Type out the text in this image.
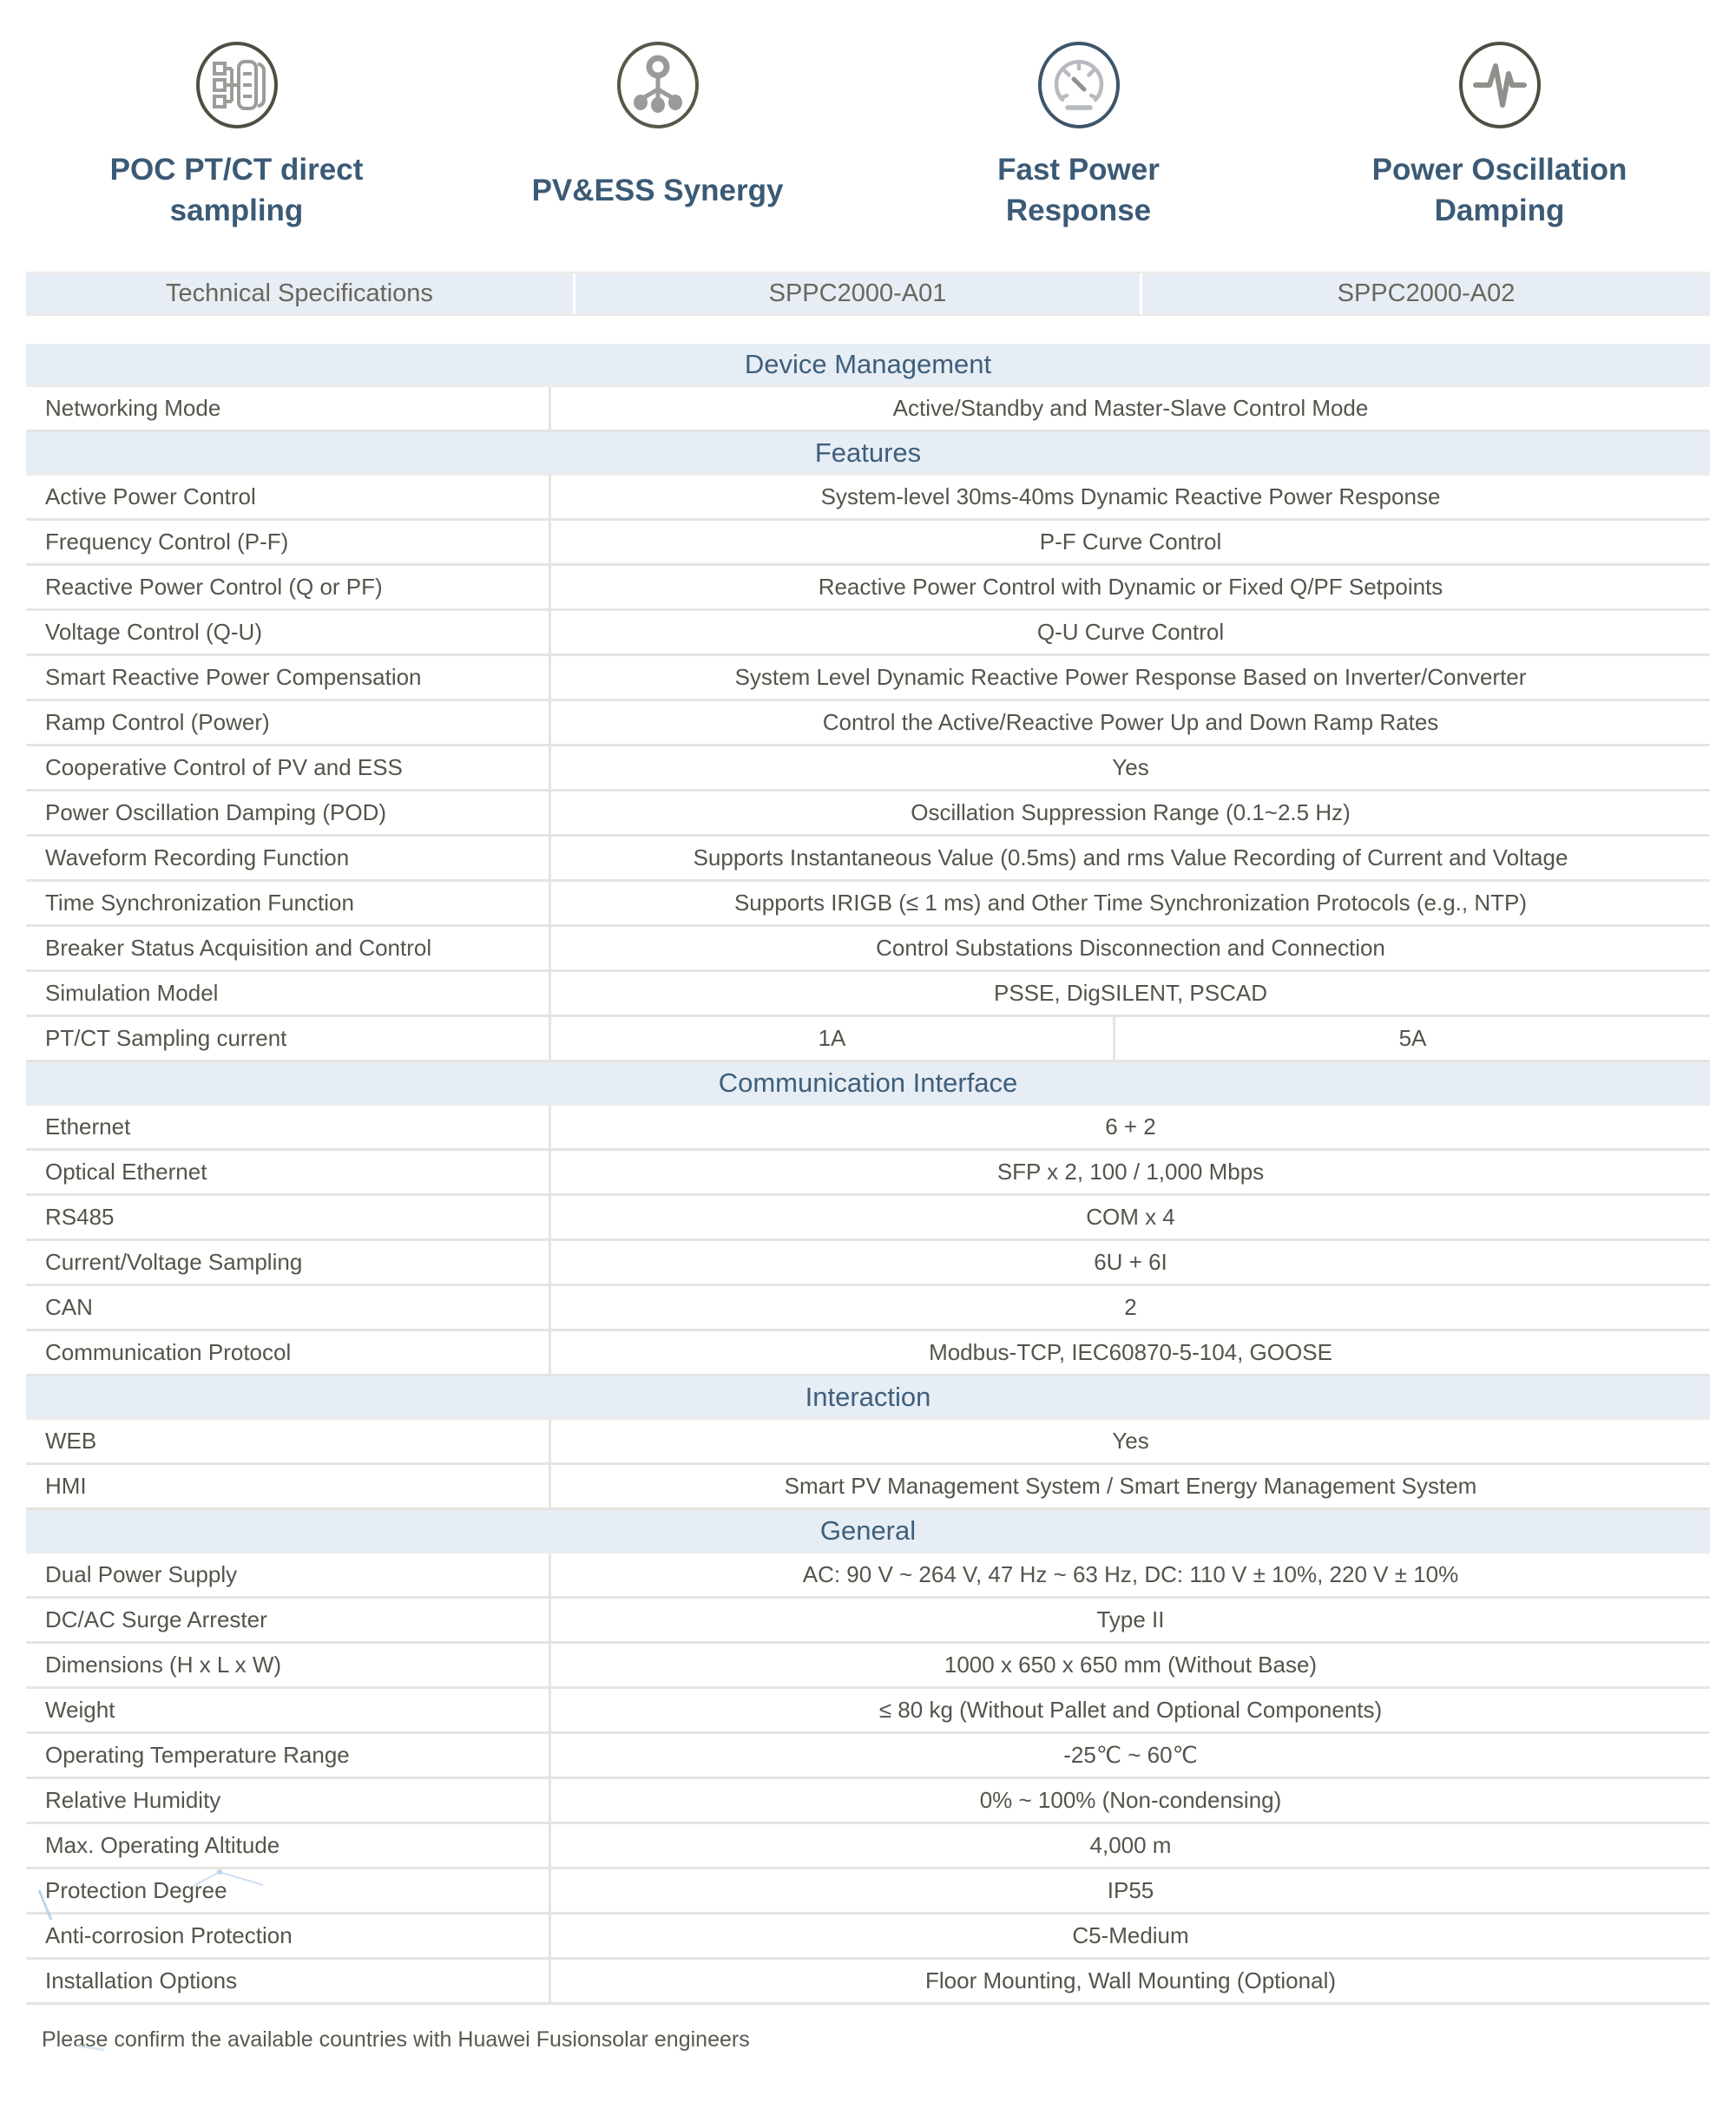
POC PT/CT direct
sampling
PV&ESS Synergy
Fast Power
Response
Power Oscillation
Damping
Technical Specifications	SPPC2000-A01	SPPC2000-A02
Device Management
Networking Mode	Active/Standby and Master-Slave Control Mode
Features
Active Power Control	System-level 30ms-40ms Dynamic Reactive Power Response
Frequency Control (P-F)	P-F Curve Control
Reactive Power Control (Q or PF)	Reactive Power Control with Dynamic or Fixed Q/PF Setpoints
Voltage Control (Q-U)	Q-U Curve Control
Smart Reactive Power Compensation	System Level Dynamic Reactive Power Response Based on Inverter/Converter
Ramp Control (Power)	Control the Active/Reactive Power Up and Down Ramp Rates
Cooperative Control of PV and ESS	Yes
Power Oscillation Damping (POD)	Oscillation Suppression Range (0.1~2.5 Hz)
Waveform Recording Function	Supports Instantaneous Value (0.5ms) and rms Value Recording of Current and Voltage
Time Synchronization Function	Supports IRIGB (≤ 1 ms) and Other Time Synchronization Protocols (e.g., NTP)
Breaker Status Acquisition and Control	Control Substations Disconnection and Connection
Simulation Model	PSSE, DigSILENT, PSCAD
PT/CT Sampling current	1A	5A
Communication Interface
Ethernet	6 + 2
Optical Ethernet	SFP x 2, 100 / 1,000 Mbps
RS485	COM x 4
Current/Voltage Sampling	6U + 6I
CAN	2
Communication Protocol	Modbus-TCP, IEC60870-5-104, GOOSE
Interaction
WEB	Yes
HMI	Smart PV Management System / Smart Energy Management System
General
Dual Power Supply	AC: 90 V ~ 264 V, 47 Hz ~ 63 Hz, DC: 110 V ± 10%, 220 V ± 10%
DC/AC Surge Arrester	Type II
Dimensions (H x L x W)	1000 x 650 x 650 mm (Without Base)
Weight	≤ 80 kg (Without Pallet and Optional Components)
Operating Temperature Range	-25℃ ~ 60℃
Relative Humidity	0% ~ 100% (Non-condensing)
Max. Operating Altitude	4,000 m
Protection Degree	IP55
Anti-corrosion Protection	C5-Medium
Installation Options	Floor Mounting, Wall Mounting (Optional)
Please confirm the available countries with Huawei Fusionsolar engineers
